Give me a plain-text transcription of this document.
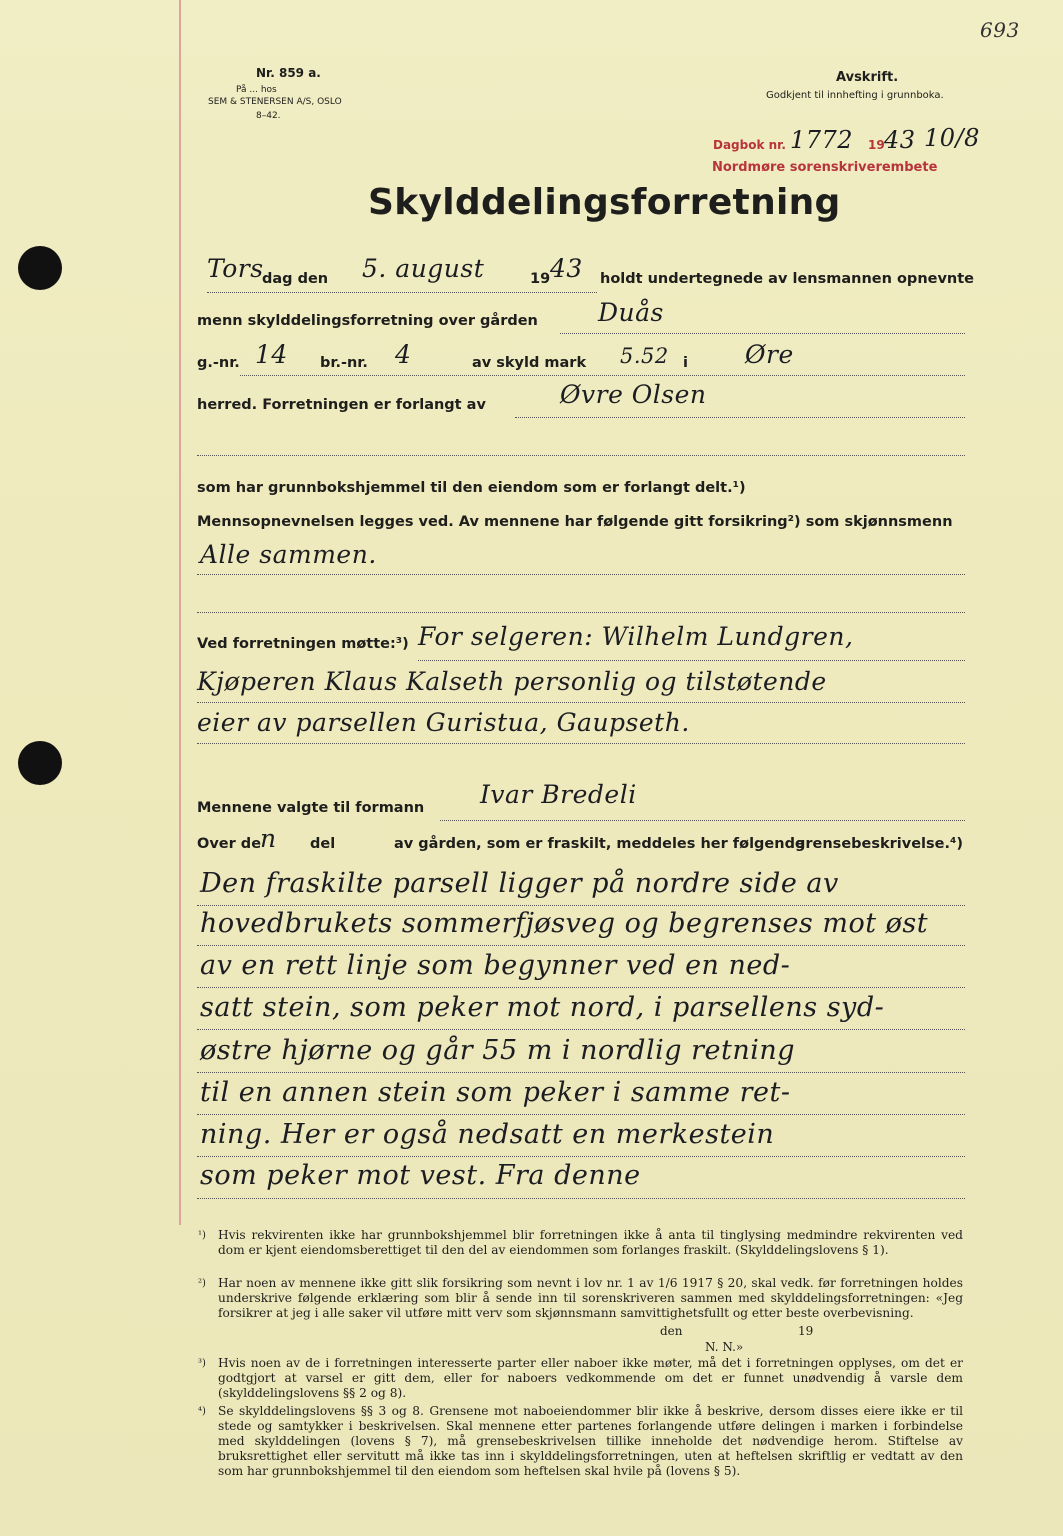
Nr. 859 a.
På ... hos
SEM & STENERSEN A/S, OSLO
8–42.
Avskrift.
Godkjent til innhefting i grunnboka.
693
Dagbok nr. 1772 19 43 10/8
Nordmøre sorenskriverembete
Skylddelingsforretning
Tors
dag den 5. august	19 43 holdt undertegnede av lensmannen opnevnte
menn skylddelingsforretning over gården Duås
g.-nr. 14 br.-nr. 4	av skyld mark 5.52 i Øre
herred. Forretningen er forlangt av	Øvre Olsen
som har grunnbokshjemmel til den eiendom som er forlangt delt.¹)
Mennsopnevnelsen legges ved. Av mennene har følgende gitt forsikring²) som skjønnsmenn
Alle sammen.
Ved forretningen møtte:³) For selgeren: Wilhelm Lundgren,
Kjøperen Klaus Kalseth personlig og tilstøtende
eier av parsellen Guristua, Gaupseth.
Mennene valgte til formann Ivar Bredeli
Over de
n del	av gården, som er fraskilt, meddeles her følgende
grensebeskrivelse.⁴)
Den fraskilte parsell ligger på nordre side av
hovedbrukets sommerfjøsveg og begrenses mot øst
av en rett linje som begynner ved en ned-
satt stein, som peker mot nord, i parsellens syd-
østre hjørne og går 55 m i nordlig retning
til en annen stein som peker i samme ret-
ning. Her er også nedsatt en merkestein
som peker mot vest. Fra denne
¹) Hvis rekvirenten ikke har grunnbokshjemmel blir forretningen ikke å anta til tinglysing medmindre rekvirenten ved dom er kjent eiendomsberettiget til den del av eiendommen som forlanges fraskilt. (Skylddelingslovens § 1).

²) Har noen av mennene ikke gitt slik forsikring som nevnt i lov nr. 1 av 1/6 1917 § 20, skal vedk. før forretningen holdes underskrive følgende erklæring som blir å sende inn til sorenskriveren sammen med skylddelingsforretningen: «Jeg forsikrer at jeg i alle saker vil utføre mitt verv som skjønnsmann samvittighetsfullt og etter beste overbevisning.

den	19
N. N.»
³) Hvis noen av de i forretningen interesserte parter eller naboer ikke møter, må det i forretningen opplyses, om det er godtgjort at varsel er gitt dem, eller for naboers vedkommende om det er funnet unødvendig å varsle dem (skylddelingslovens §§ 2 og 8).

⁴) Se skylddelingslovens §§ 3 og 8. Grensene mot naboeiendommer blir ikke å beskrive, dersom disses eiere ikke er til stede og samtykker i beskrivelsen. Skal mennene etter partenes forlangende utføre delingen i marken i forbindelse med skylddelingen (lovens § 7), må grensebeskrivelsen tillike inneholde det nødvendige herom. Stiftelse av bruksrettighet eller servitutt må ikke tas inn i skylddelingsforretningen, uten at heftelsen skriftlig er vedtatt av den som har grunnbokshjemmel til den eiendom som heftelsen skal hvile på (lovens § 5).
